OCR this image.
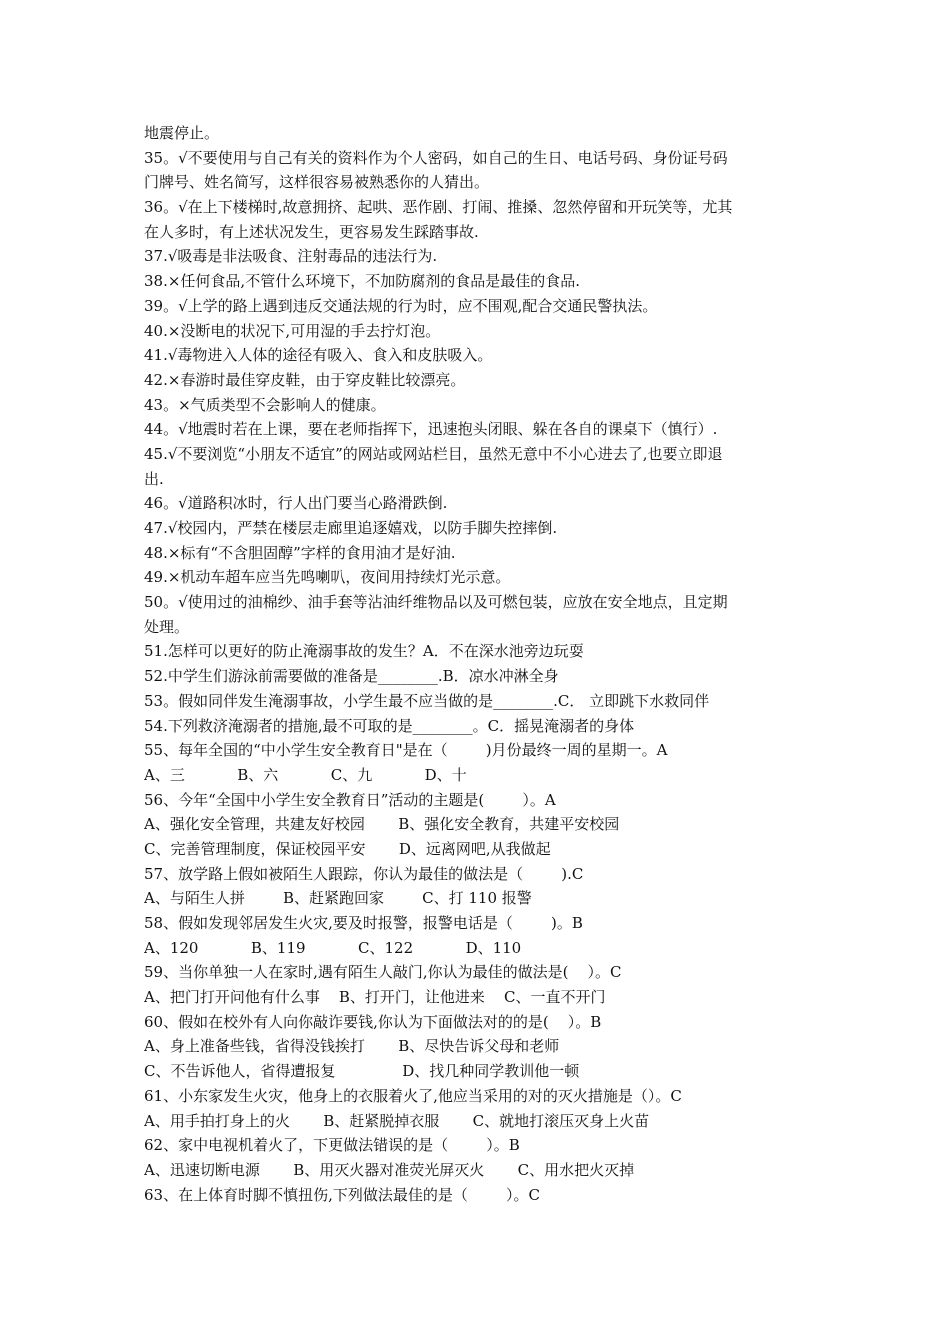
地震停止。
35。√不要使用与自己有关的资料作为个人密码，如自己的生日、电话号码、身份证号码
门牌号、姓名简写，这样很容易被熟悉你的人猜出。
36。√在上下楼梯时,故意拥挤、起哄、恶作剧、打闹、推搡、忽然停留和开玩笑等，尤其
在人多时，有上述状况发生，更容易发生踩踏事故.
37.√吸毒是非法吸食、注射毒品的违法行为.
38.×任何食品,不管什么环境下，不加防腐剂的食品是最佳的食品.
39。√上学的路上遇到违反交通法规的行为时，应不围观,配合交通民警执法。
40.×没断电的状况下,可用湿的手去拧灯泡。
41.√毒物进入人体的途径有吸入、食入和皮肤吸入。
42.×春游时最佳穿皮鞋，由于穿皮鞋比较漂亮。
43。×气质类型不会影响人的健康。
44。√地震时若在上课，要在老师指挥下，迅速抱头闭眼、躲在各自的课桌下（慎行）.
45.√不要浏览“小朋友不适宜”的网站或网站栏目，虽然无意中不小心进去了,也要立即退
出.
46。√道路积冰时，行人出门要当心路滑跌倒.
47.√校园内，严禁在楼层走廊里追逐嬉戏，以防手脚失控摔倒.
48.×标有“不含胆固醇”字样的食用油才是好油.
49.×机动车超车应当先鸣喇叭，夜间用持续灯光示意。
50。√使用过的油棉纱、油手套等沾油纤维物品以及可燃包装，应放在安全地点，且定期
处理。
51.怎样可以更好的防止淹溺事故的发生？A．不在深水池旁边玩耍
52.中学生们游泳前需要做的准备是________.B．凉水冲淋全身
53。假如同伴发生淹溺事故，小学生最不应当做的是________.C． 立即跳下水救同伴
54.下列救济淹溺者的措施,最不可取的是________。C．摇晃淹溺者的身体
55、每年全国的“中小学生安全教育日"是在（        )月份最终一周的星期一。A
A、三           B、六           C、九           D、十
56、今年“全国中小学生安全教育日”活动的主题是(        ）。A
A、强化安全管理，共建友好校园       B、强化安全教育，共建平安校园
C、完善管理制度，保证校园平安       D、远离网吧,从我做起
57、放学路上假如被陌生人跟踪，你认为最佳的做法是（        ).C
A、与陌生人拼        B、赶紧跑回家        C、打 110 报警
58、假如发现邻居发生火灾,要及时报警，报警电话是（        )。B
A、120           B、119           C、122           D、110
59、当你单独一人在家时,遇有陌生人敲门,你认为最佳的做法是(    ）。C
A、把门打开问他有什么事    B、打开门，让他进来    C、一直不开门
60、假如在校外有人向你敲诈要钱,你认为下面做法对的的是(    ）。B
A、身上准备些钱，省得没钱挨打       B、尽快告诉父母和老师
C、不告诉他人，省得遭报复              D、找几种同学教训他一顿
61、小东家发生火灾，他身上的衣服着火了,他应当采用的对的灭火措施是（）。C
A、用手拍打身上的火       B、赶紧脱掉衣服       C、就地打滚压灭身上火苗
62、家中电视机着火了，下更做法错误的是（        ）。B
A、迅速切断电源       B、用灭火器对准荧光屏灭火       C、用水把火灭掉
63、在上体育时脚不慎扭伤,下列做法最佳的是（        ）。C
